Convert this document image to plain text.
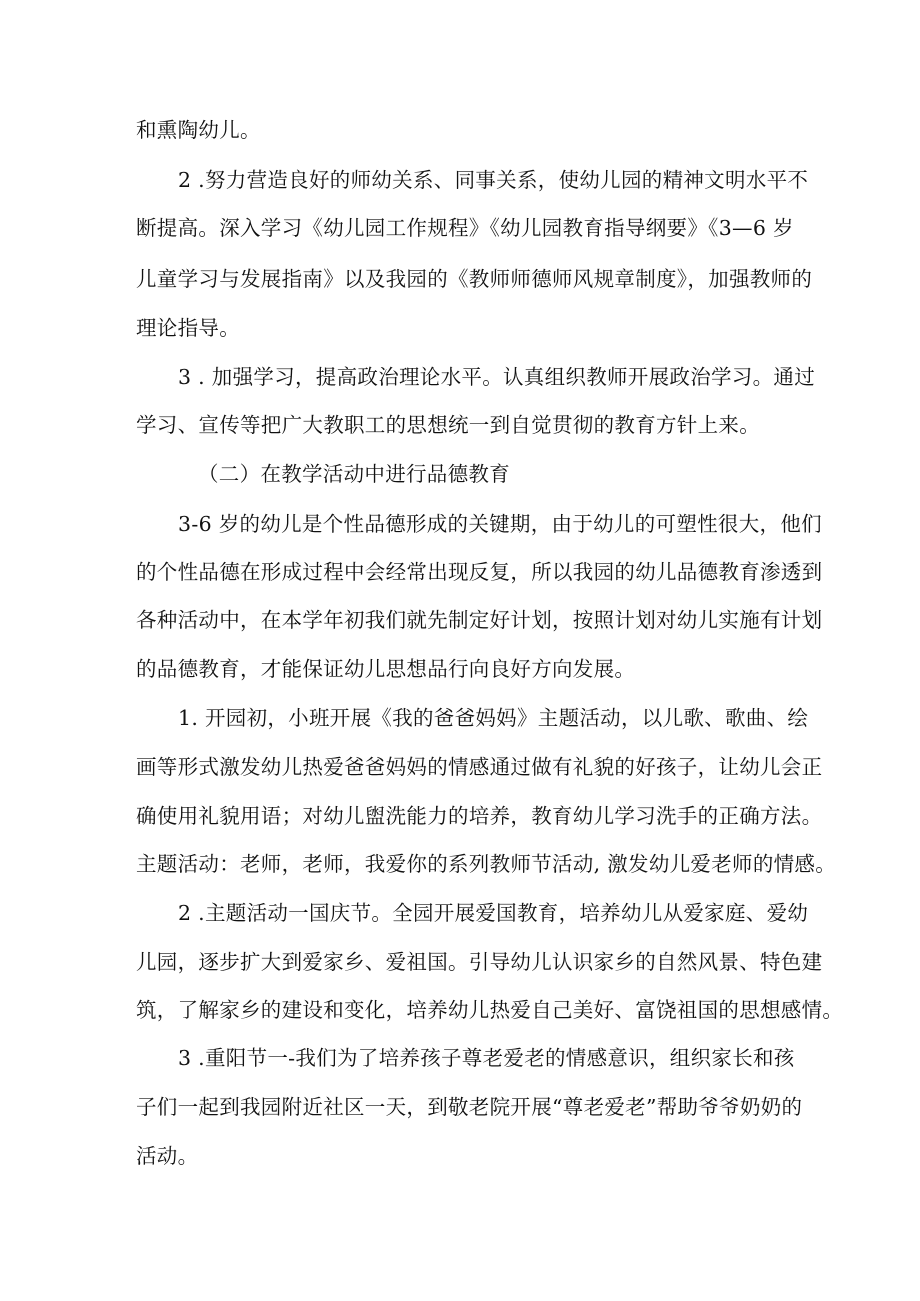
和熏陶幼儿。
2 .努力营造良好的师幼关系、同事关系，使幼儿园的精神文明水平不
断提高。深入学习《幼儿园工作规程》《幼儿园教育指导纲要》《3—6 岁
儿童学习与发展指南》以及我园的《教师师德师风规章制度》，加强教师的
理论指导。
3 . 加强学习，提高政治理论水平。认真组织教师开展政治学习。通过
学习、宣传等把广大教职工的思想统一到自觉贯彻的教育方针上来。
（二）在教学活动中进行品德教育
3-6 岁的幼儿是个性品德形成的关键期，由于幼儿的可塑性很大，他们
的个性品德在形成过程中会经常出现反复，所以我园的幼儿品德教育渗透到
各种活动中，在本学年初我们就先制定好计划，按照计划对幼儿实施有计划
的品德教育，才能保证幼儿思想品行向良好方向发展。
1. 开园初，小班开展《我的爸爸妈妈》主题活动，以儿歌、歌曲、绘
画等形式激发幼儿热爱爸爸妈妈的情感通过做有礼貌的好孩子，让幼儿会正
确使用礼貌用语；对幼儿盥洗能力的培养，教育幼儿学习洗手的正确方法。
主题活动：老师，老师，我爱你的系列教师节活动, 激发幼儿爱老师的情感。
2 .主题活动一国庆节。全园开展爱国教育，培养幼儿从爱家庭、爱幼
儿园，逐步扩大到爱家乡、爱祖国。引导幼儿认识家乡的自然风景、特色建
筑，了解家乡的建设和变化，培养幼儿热爱自己美好、富饶祖国的思想感情。
3 .重阳节一-我们为了培养孩子尊老爱老的情感意识，组织家长和孩
子们一起到我园附近社区一天，到敬老院开展“尊老爱老”帮助爷爷奶奶的
活动。
